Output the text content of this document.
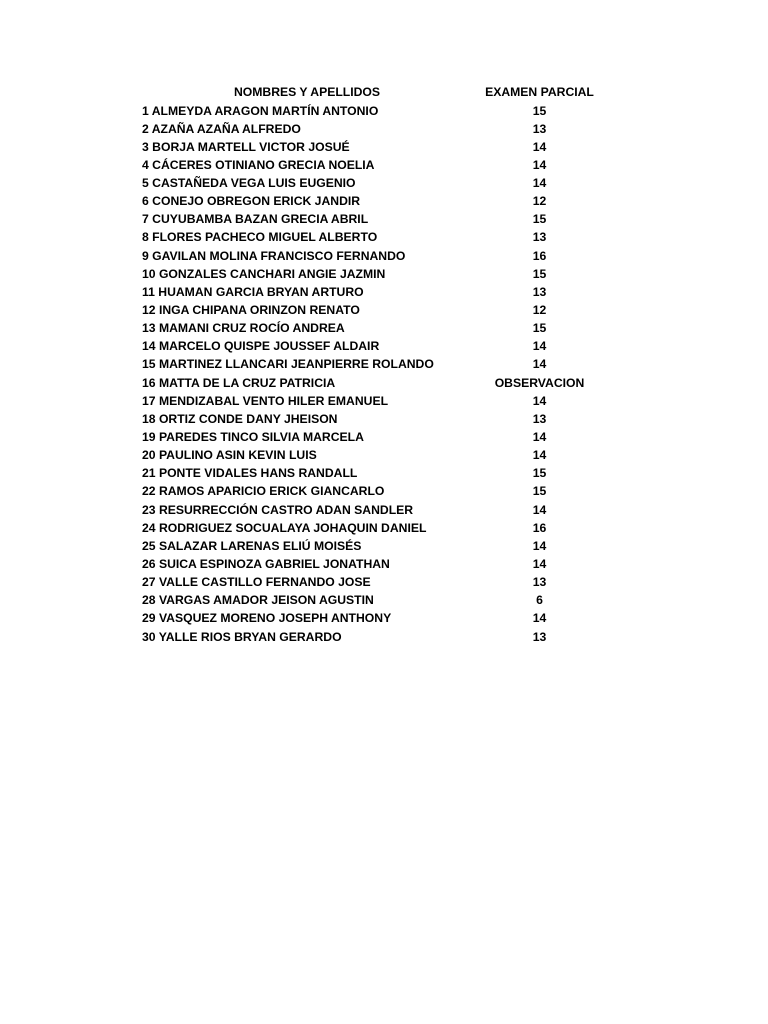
NOMBRES Y APELLIDOS	EXAMEN PARCIAL
1 ALMEYDA ARAGON MARTÍN ANTONIO	15
2 AZAÑA AZAÑA ALFREDO	13
3 BORJA MARTELL VICTOR JOSUÉ	14
4 CÁCERES OTINIANO GRECIA NOELIA	14
5 CASTAÑEDA VEGA LUIS EUGENIO	14
6 CONEJO OBREGON ERICK JANDIR	12
7 CUYUBAMBA BAZAN GRECIA ABRIL	15
8 FLORES PACHECO MIGUEL ALBERTO	13
9 GAVILAN MOLINA FRANCISCO FERNANDO	16
10 GONZALES CANCHARI ANGIE JAZMIN	15
11 HUAMAN GARCIA BRYAN ARTURO	13
12 INGA CHIPANA ORINZON RENATO	12
13 MAMANI CRUZ ROCÍO ANDREA	15
14 MARCELO QUISPE JOUSSEF ALDAIR	14
15 MARTINEZ LLANCARI JEANPIERRE ROLANDO	14
16 MATTA DE LA CRUZ PATRICIA	OBSERVACION
17 MENDIZABAL VENTO HILER EMANUEL	14
18 ORTIZ CONDE DANY JHEISON	13
19 PAREDES TINCO SILVIA MARCELA	14
20 PAULINO ASIN KEVIN LUIS	14
21 PONTE VIDALES HANS RANDALL	15
22 RAMOS APARICIO ERICK GIANCARLO	15
23 RESURRECCIÓN CASTRO ADAN SANDLER	14
24 RODRIGUEZ SOCUALAYA JOHAQUIN DANIEL	16
25 SALAZAR LARENAS ELIÚ MOISÉS	14
26 SUICA ESPINOZA GABRIEL JONATHAN	14
27 VALLE CASTILLO FERNANDO JOSE	13
28 VARGAS AMADOR JEISON AGUSTIN	6
29 VASQUEZ MORENO JOSEPH ANTHONY	14
30 YALLE RIOS BRYAN GERARDO	13
